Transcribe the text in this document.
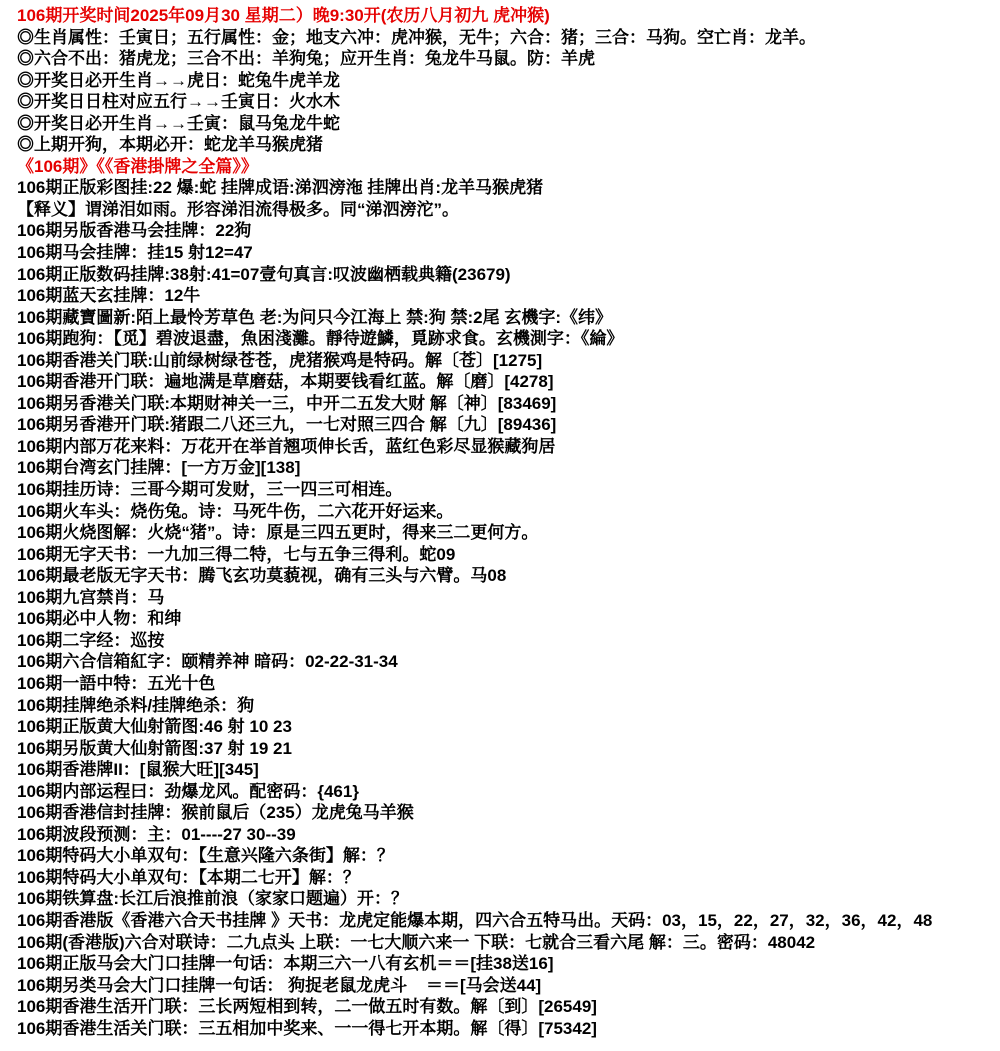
106期开奖时间2025年09月30 星期二）晚9:30开(农历八月初九 虎冲猴)
◎生肖属性：壬寅日；五行属性：金；地支六冲：虎冲猴，无牛；六合：猪；三合：马狗。空亡肖：龙羊。
◎六合不出：猪虎龙；三合不出：羊狗兔；应开生肖：兔龙牛马鼠。防：羊虎
◎开奖日必开生肖→→虎日：蛇兔牛虎羊龙
◎开奖日日柱对应五行→→壬寅日：火水木
◎开奖日必开生肖→→壬寅：鼠马兔龙牛蛇
◎上期开狗，本期必开：蛇龙羊马猴虎猪
《106期》《《香港掛牌之全篇》》
106期正版彩图挂:22 爆:蛇 挂牌成语:涕泗滂沲 挂牌出肖:龙羊马猴虎猪
【释义】谓涕泪如雨。形容涕泪流得极多。同“涕泗滂沱”。
106期另版香港马会挂牌：22狗
106期马会挂牌：挂15 射12=47
106期正版数码挂牌:38射:41=07壹句真言:叹波幽栖载典籍(23679)
106期蓝天玄挂牌：12牛
106期藏寶圖新:陌上最怜芳草色 老:为问只今江海上 禁:狗 禁:2尾 玄機字:《纬》
106期跑狗：【觅】碧波退盡，魚困淺灘。靜待遊鱗，覓跡求食。玄機測字：《綸》
106期香港关门联:山前绿树绿苍苍，虎猪猴鸡是特码。解〔苍〕[1275]
106期香港开门联：遍地满是草磨菇，本期要钱看红蓝。解〔磨〕[4278]
106期另香港关门联:本期财神关一三，中开二五发大财 解〔神〕[83469]
106期另香港开门联:猪跟二八还三九，一七对照三四合 解〔九〕[89436]
106期内部万花来料：万花开在举首翘项伸长舌，蓝红色彩尽显猴藏狗居
106期台湾玄门挂牌：[一方万金][138]
106期挂历诗：三哥今期可发财，三一四三可相连。
106期火车头：烧伤兔。诗：马死牛伤，二六花开好运来。
106期火烧图解：火烧“猪”。诗：原是三四五更时，得来三二更何方。
106期无字天书：一九加三得二特，七与五争三得利。蛇09
106期最老版无字天书：腾飞玄功莫藐视，确有三头与六臂。马08
106期九宫禁肖：马
106期必中人物：和绅
106期二字经：巡按
106期六合信箱紅字：颐精养神 暗码：02-22-31-34
106期一語中特：五光十色
106期挂牌绝杀料/挂牌绝杀：狗
106期正版黄大仙射箭图:46 射 10 23
106期另版黄大仙射箭图:37 射 19 21
106期香港牌II：[鼠猴大旺][345]
106期内部运程曰：劲爆龙风。配密码：{461}
106期香港信封挂牌：猴前鼠后（235）龙虎兔马羊猴
106期波段预测：主：01----27 30--39
106期特码大小单双句：【生意兴隆六条街】解：？
106期特码大小单双句：【本期二七开】解：？
106期铁算盘:长江后浪推前浪（家家口题遍）开：？
106期香港版《香港六合天书挂牌 》天书：龙虎定能爆本期，四六合五特马出。天码：03，15，22，27，32，36，42，48
106期(香港版)六合对联诗：二九点头 上联：一七大顺六来一 下联：七就合三看六尾 解：三。密码：48042
106期正版马会大门口挂牌一句话：本期三六一八有玄机＝＝[挂38送16]
106期另类马会大门口挂牌一句话： 狗捉老鼠龙虎斗    ＝＝[马会送44]
106期香港生活开门联：三长两短相到转，二一做五时有数。解〔到〕[26549]
106期香港生活关门联：三五相加中奖来、一一得七开本期。解〔得〕[75342]
